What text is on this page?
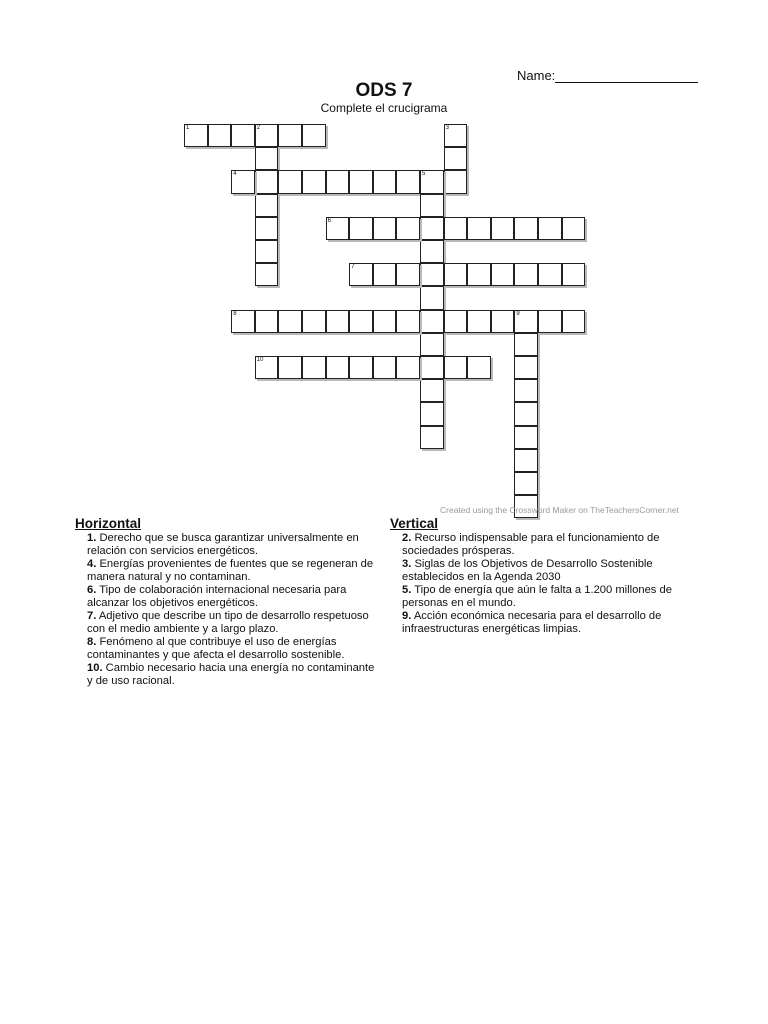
Name:
ODS 7
Complete el crucigrama
1	2	3
4	5
6
7
8	9
10
Created using the Crossword Maker on TheTeachersCorner.net
Horizontal
1. Derecho que se busca garantizar universalmente en relación con servicios energéticos.
4. Energías provenientes de fuentes que se regeneran de manera natural y no contaminan.
6. Tipo de colaboración internacional necesaria para alcanzar los objetivos energéticos.
7. Adjetivo que describe un tipo de desarrollo respetuoso con el medio ambiente y a largo plazo.
8. Fenómeno al que contribuye el uso de energías contaminantes y que afecta el desarrollo sostenible.
10. Cambio necesario hacia una energía no contaminante y de uso racional.
Vertical
2. Recurso indispensable para el funcionamiento de sociedades prósperas.
3. Siglas de los Objetivos de Desarrollo Sostenible establecidos en la Agenda 2030
5. Tipo de energía que aún le falta a 1.200 millones de personas en el mundo.
9. Acción económica necesaria para el desarrollo de infraestructuras energéticas limpias.
